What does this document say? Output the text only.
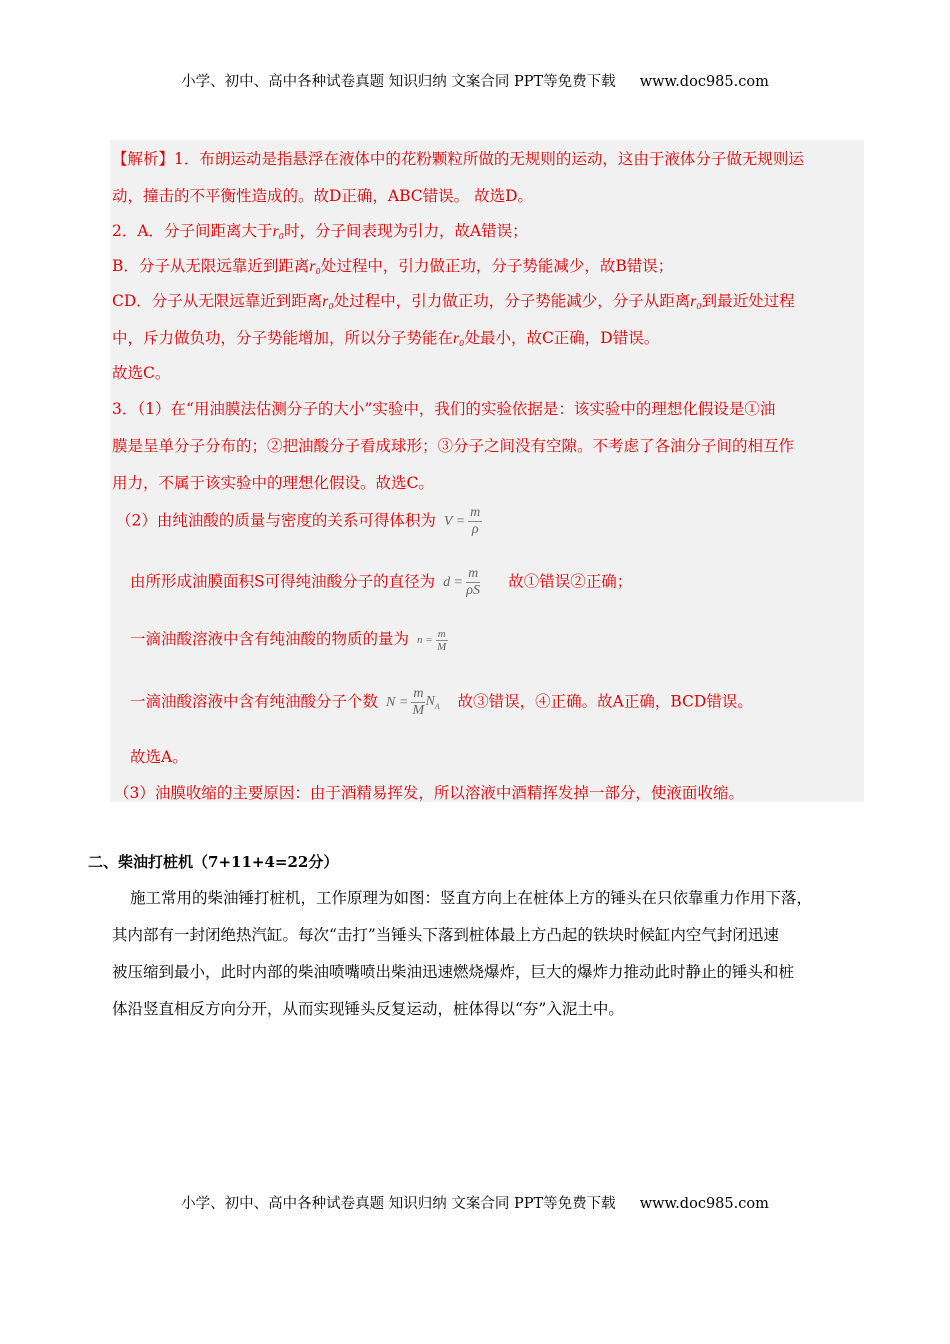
小学、初中、高中各种试卷真题 知识归纳 文案合同 PPT等免费下载 www.doc985.com
【解析】1．布朗运动是指悬浮在液体中的花粉颗粒所做的无规则的运动，这由于液体分子做无规则运
动，撞击的不平衡性造成的。故D正确，ABC错误。 故选D。
2．A．分子间距离大于r₀时，分子间表现为引力，故A错误；
B．分子从无限远靠近到距离r₀处过程中，引力做正功，分子势能减少，故B错误；
CD．分子从无限远靠近到距离r₀处过程中，引力做正功，分子势能减少，分子从距离r₀到最近处过程
中，斥力做负功，分子势能增加，所以分子势能在r₀处最小，故C正确，D错误。
故选C。
3．（1）在“用油膜法估测分子的大小”实验中，我们的实验依据是：该实验中的理想化假设是①油
膜是呈单分子分布的；②把油酸分子看成球形；③分子之间没有空隙。不考虑了各油分子间的相互作
用力，不属于该实验中的理想化假设。故选C。
（2）由纯油酸的质量与密度的关系可得体积为 $V = \frac{m}{\rho}$
由所形成油膜面积S可得纯油酸分子的直径为 $d = \frac{m}{\rho S}$ 故①错误②正确；
一滴油酸溶液中含有纯油酸的物质的量为 $n = \frac{m}{M}$
一滴油酸溶液中含有纯油酸分子个数 $N = \frac{m}{M} N_A$ 故③错误，④正确。故A正确，BCD错误。
故选A。
（3）油膜收缩的主要原因：由于酒精易挥发，所以溶液中酒精挥发掉一部分，使液面收缩。
二、柴油打桩机（7+11+4=22分）
施工常用的柴油锤打桩机，工作原理为如图：竖直方向上在桩体上方的锤头在只依靠重力作用下落，
其内部有一封闭绝热汽缸。每次“击打”当锤头下落到桩体最上方凸起的铁块时候缸内空气封闭迅速
被压缩到最小，此时内部的柴油喷嘴喷出柴油迅速燃烧爆炸，巨大的爆炸力推动此时静止的锤头和桩
体沿竖直相反方向分开，从而实现锤头反复运动，桩体得以“夯”入泥土中。
小学、初中、高中各种试卷真题 知识归纳 文案合同 PPT等免费下载 www.doc985.com
